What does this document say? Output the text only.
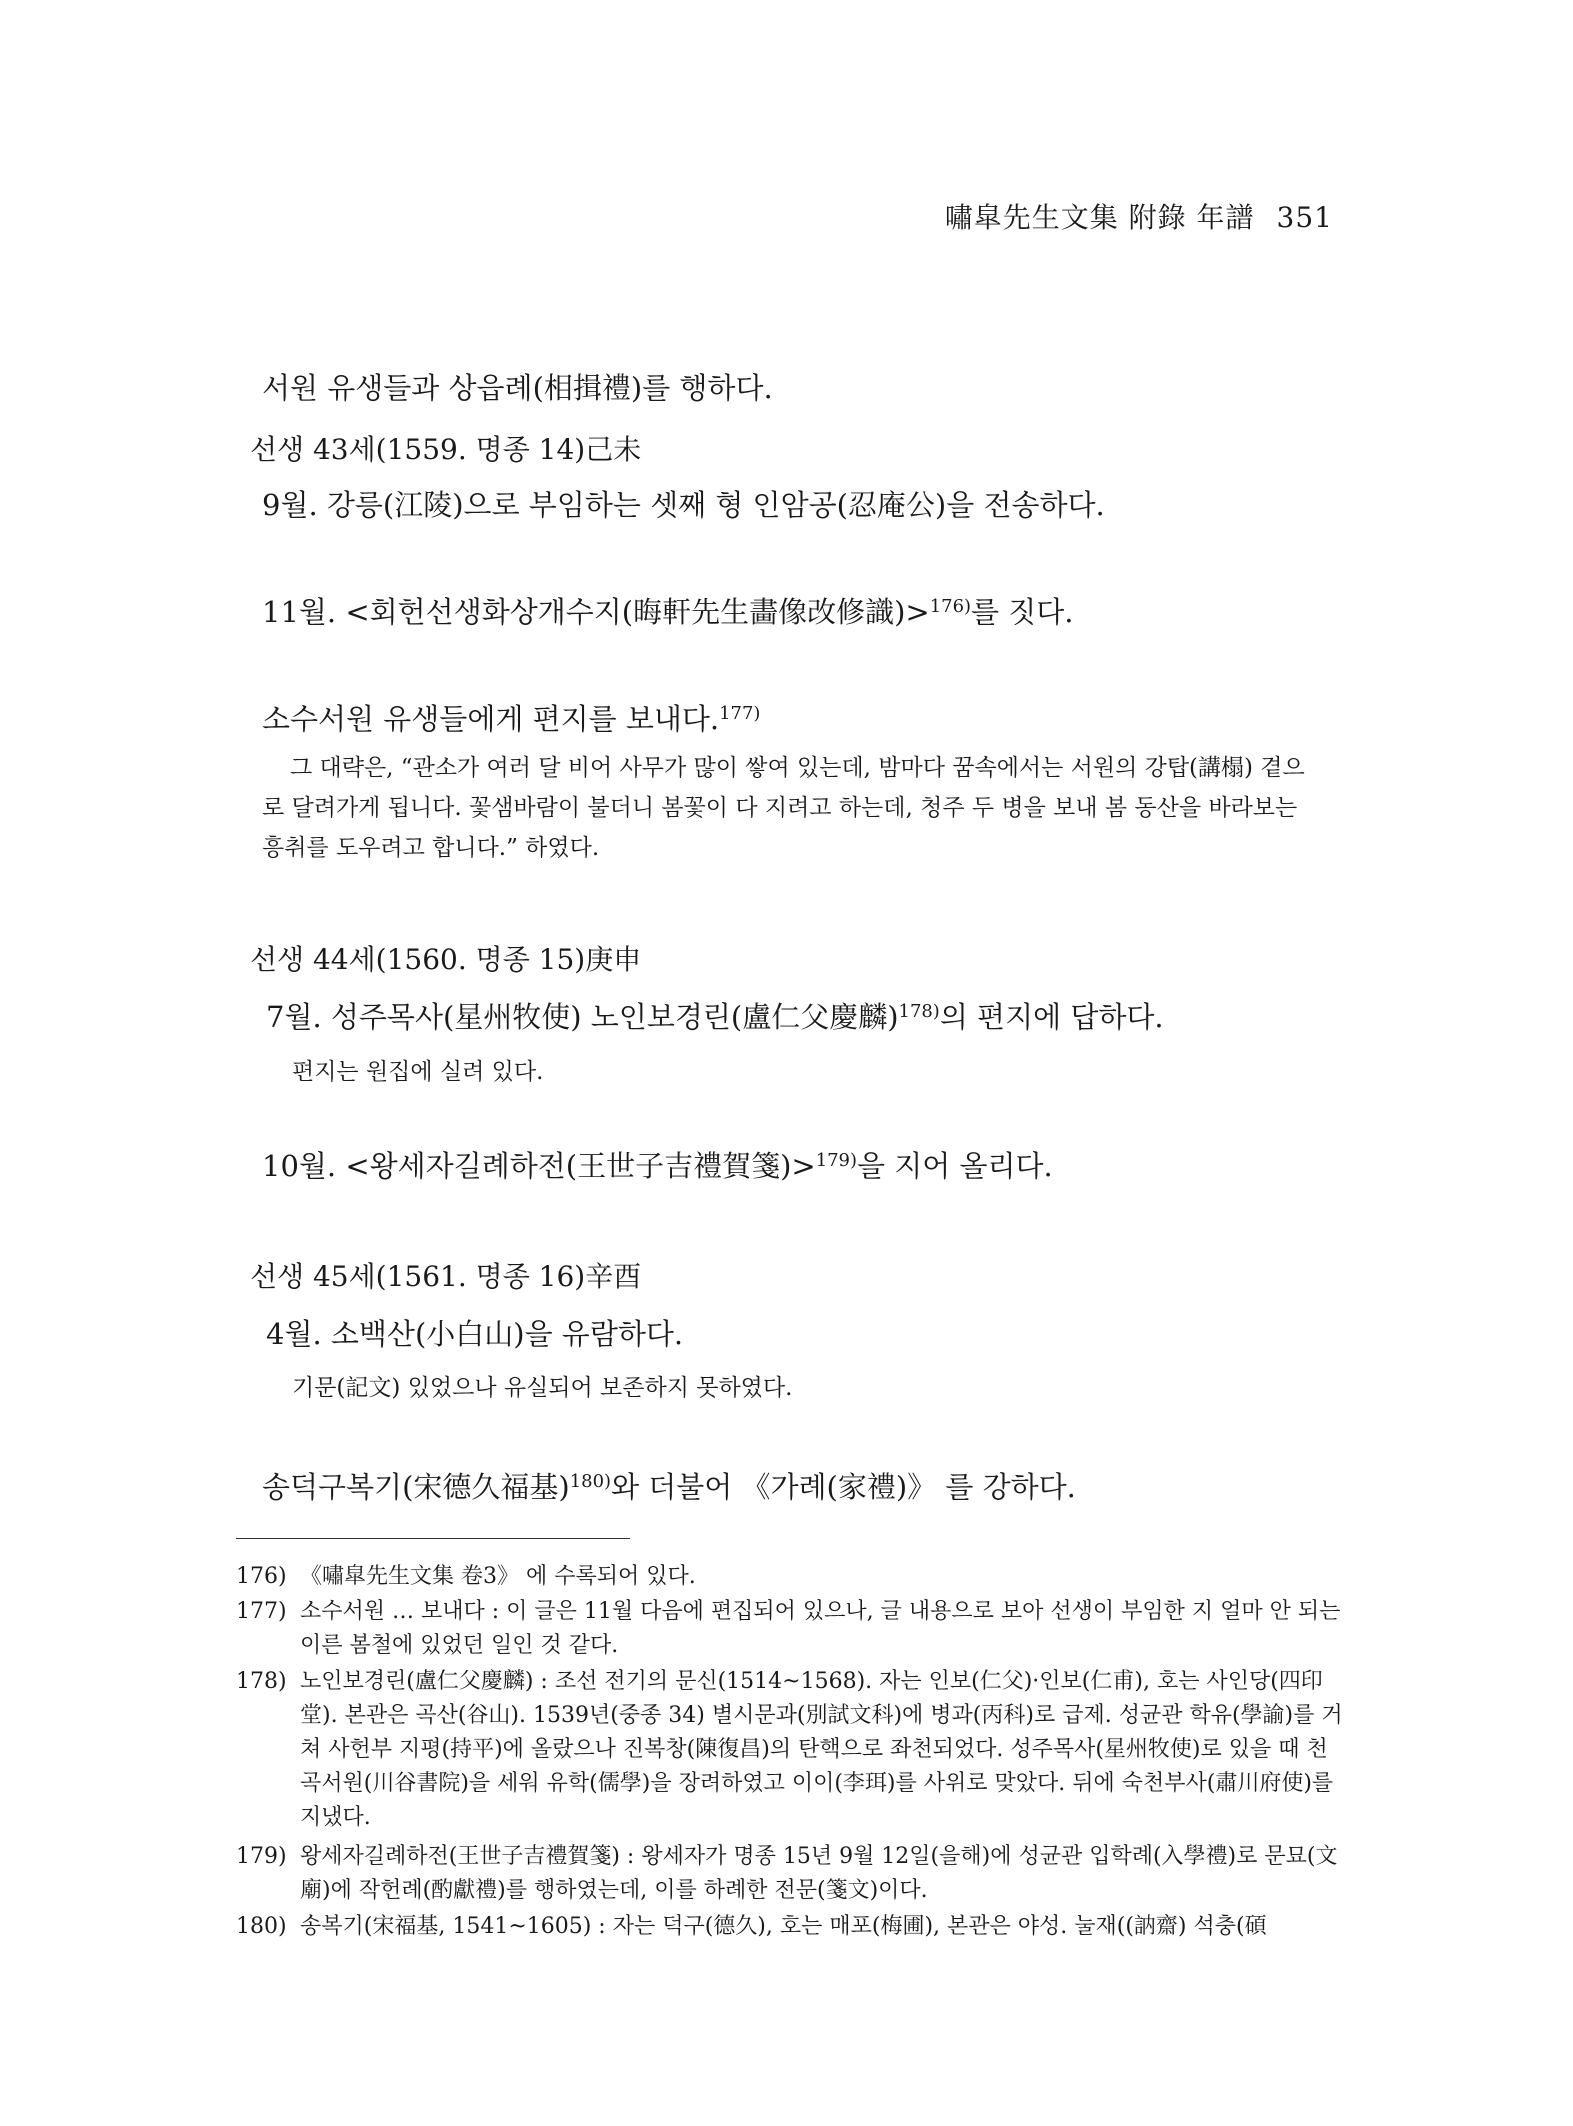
嘯皐先生文集 附錄 年譜 351
서원 유생들과 상읍례(相揖禮)를 행하다.
선생 43세(1559. 명종 14)己未
9월. 강릉(江陵)으로 부임하는 셋째 형 인암공(忍庵公)을 전송하다.
11월. <회헌선생화상개수지(晦軒先生畵像改修識)>$^{176)}$를 짓다.
소수서원 유생들에게 편지를 보내다.$^{177)}$
그 대략은, “관소가 여러 달 비어 사무가 많이 쌓여 있는데, 밤마다 꿈속에서는 서원의 강탑(講榻) 곁으로 달려가게 됩니다. 꽃샘바람이 불더니 봄꽃이 다 지려고 하는데, 청주 두 병을 보내 봄 동산을 바라보는 흥취를 도우려고 합니다.” 하였다.
선생 44세(1560. 명종 15)庚申
7월. 성주목사(星州牧使) 노인보경린(盧仁父慶麟)$^{178)}$의 편지에 답하다.
편지는 원집에 실려 있다.
10월. <왕세자길례하전(王世子吉禮賀箋)>$^{179)}$을 지어 올리다.
선생 45세(1561. 명종 16)辛酉
4월. 소백산(小白山)을 유람하다.
기문(記文) 있었으나 유실되어 보존하지 못하였다.
송덕구복기(宋德久福基)$^{180)}$와 더불어 《가례(家禮)》 를 강하다.
176) 《嘯皐先生文集 卷3》 에 수록되어 있다.
177) 소수서원 … 보내다 : 이 글은 11월 다음에 편집되어 있으나, 글 내용으로 보아 선생이 부임한 지 얼마 안 되는 이른 봄철에 있었던 일인 것 같다.
178) 노인보경린(盧仁父慶麟) : 조선 전기의 문신(1514~1568). 자는 인보(仁父)·인보(仁甫), 호는 사인당(四印堂). 본관은 곡산(谷山). 1539년(중종 34) 별시문과(別試文科)에 병과(丙科)로 급제. 성균관 학유(學諭)를 거쳐 사헌부 지평(持平)에 올랐으나 진복창(陳復昌)의 탄핵으로 좌천되었다. 성주목사(星州牧使)로 있을 때 천곡서원(川谷書院)을 세워 유학(儒學)을 장려하였고 이이(李珥)를 사위로 맞았다. 뒤에 숙천부사(肅川府使)를 지냈다.
179) 왕세자길례하전(王世子吉禮賀箋) : 왕세자가 명종 15년 9월 12일(을해)에 성균관 입학례(入學禮)로 문묘(文廟)에 작헌례(酌獻禮)를 행하였는데, 이를 하례한 전문(箋文)이다.
180) 송복기(宋福基, 1541~1605) : 자는 덕구(德久), 호는 매포(梅圃), 본관은 야성. 눌재((訥齋) 석충(碩
